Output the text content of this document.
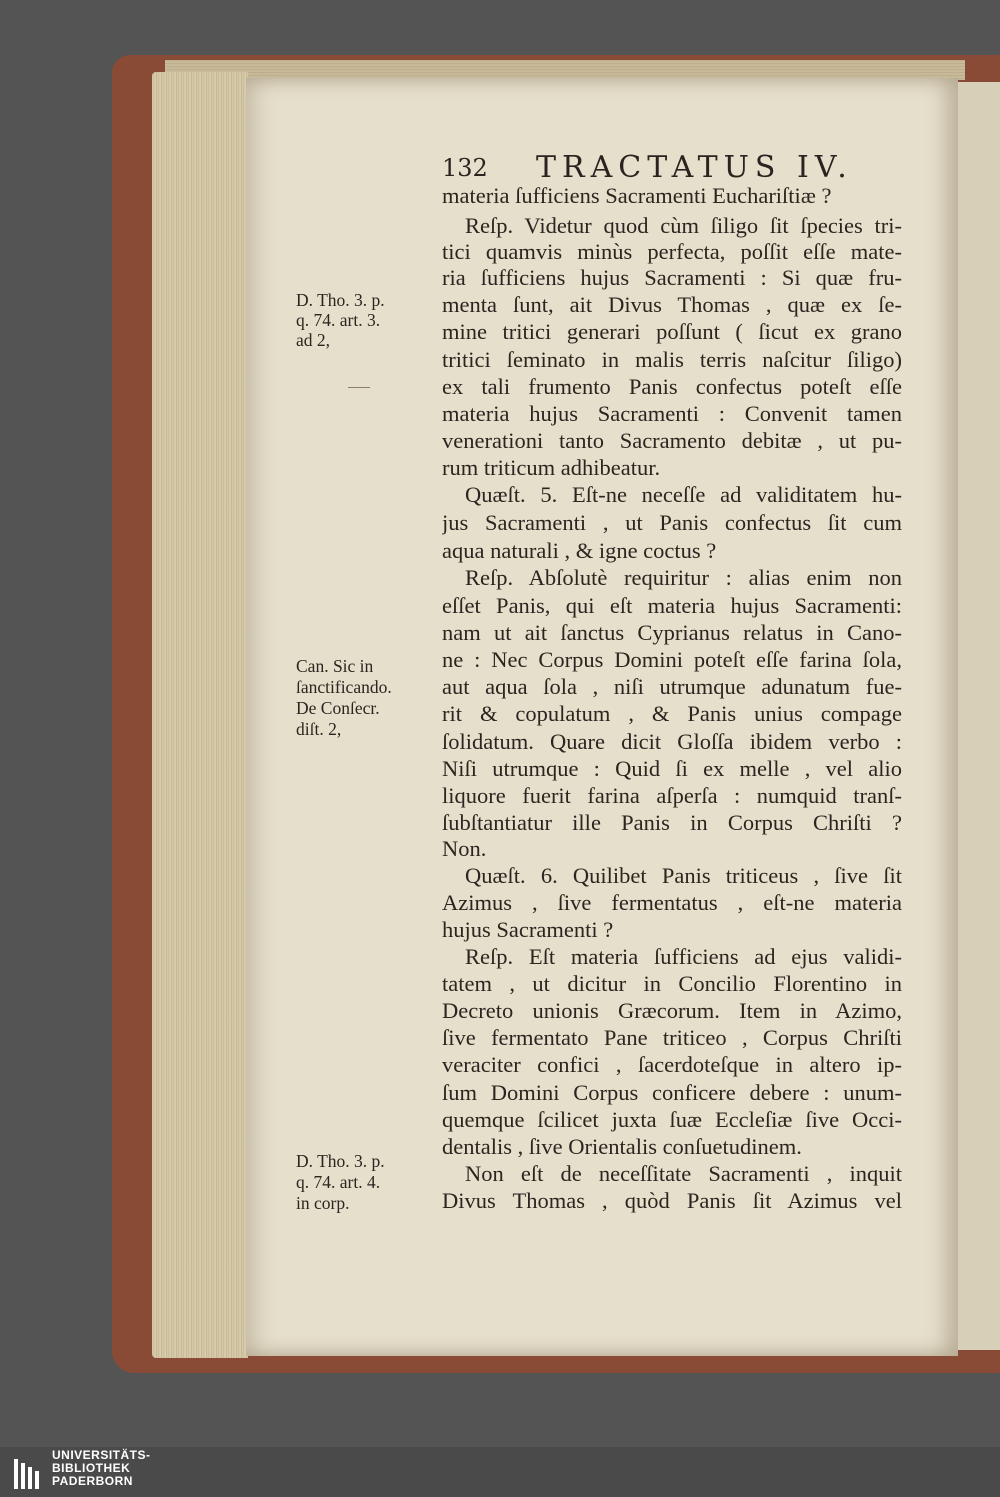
132 TRACTATUS IV.
materia ſufficiens Sacramenti Euchariſtiæ ?
Reſp. Videtur quod cùm ſiligo ſit ſpecies tri-
tici quamvis minùs perfecta, poſſit eſſe mate-
ria ſufficiens hujus Sacramenti : Si quæ fru-
menta ſunt, ait Divus Thomas , quæ ex ſe-
mine tritici generari poſſunt ( ſicut ex grano
tritici ſeminato in malis terris naſcitur ſiligo)
ex tali frumento Panis confectus poteſt eſſe
materia hujus Sacramenti : Convenit tamen
venerationi tanto Sacramento debitæ , ut pu-
rum triticum adhibeatur.
Quæſt. 5. Eſt-ne neceſſe ad validitatem hu-
jus Sacramenti , ut Panis confectus ſit cum
aqua naturali , & igne coctus ?
Reſp. Abſolutè requiritur : alias enim non
eſſet Panis, qui eſt materia hujus Sacramenti:
nam ut ait ſanctus Cyprianus relatus in Cano-
ne : Nec Corpus Domini poteſt eſſe farina ſola,
aut aqua ſola , niſi utrumque adunatum fue-
rit & copulatum , & Panis unius compage
ſolidatum. Quare dicit Gloſſa ibidem verbo :
Niſi utrumque : Quid ſi ex melle , vel alio
liquore fuerit farina aſperſa : numquid tranſ-
ſubſtantiatur ille Panis in Corpus Chriſti ?
Non.
Quæſt. 6. Quilibet Panis triticeus , ſive ſit
Azimus , ſive fermentatus , eſt-ne materia
hujus Sacramenti ?
Reſp. Eſt materia ſufficiens ad ejus validi-
tatem , ut dicitur in Concilio Florentino in
Decreto unionis Græcorum. Item in Azimo,
ſive fermentato Pane triticeo , Corpus Chriſti
veraciter confici , ſacerdoteſque in altero ip-
ſum Domini Corpus conficere debere : unum-
quemque ſcilicet juxta ſuæ Eccleſiæ ſive Occi-
dentalis , ſive Orientalis conſuetudinem.
Non eſt de neceſſitate Sacramenti , inquit
Divus Thomas , quòd Panis ſit Azimus vel
D. Tho. 3. p.
q. 74. art. 3.
ad 2,
Can. Sic in
ſanctificando.
De Conſecr.
diſt. 2,
D. Tho. 3. p.
q. 74. art. 4.
in corp.
UNIVERSITÄTS-
BIBLIOTHEK
PADERBORN
